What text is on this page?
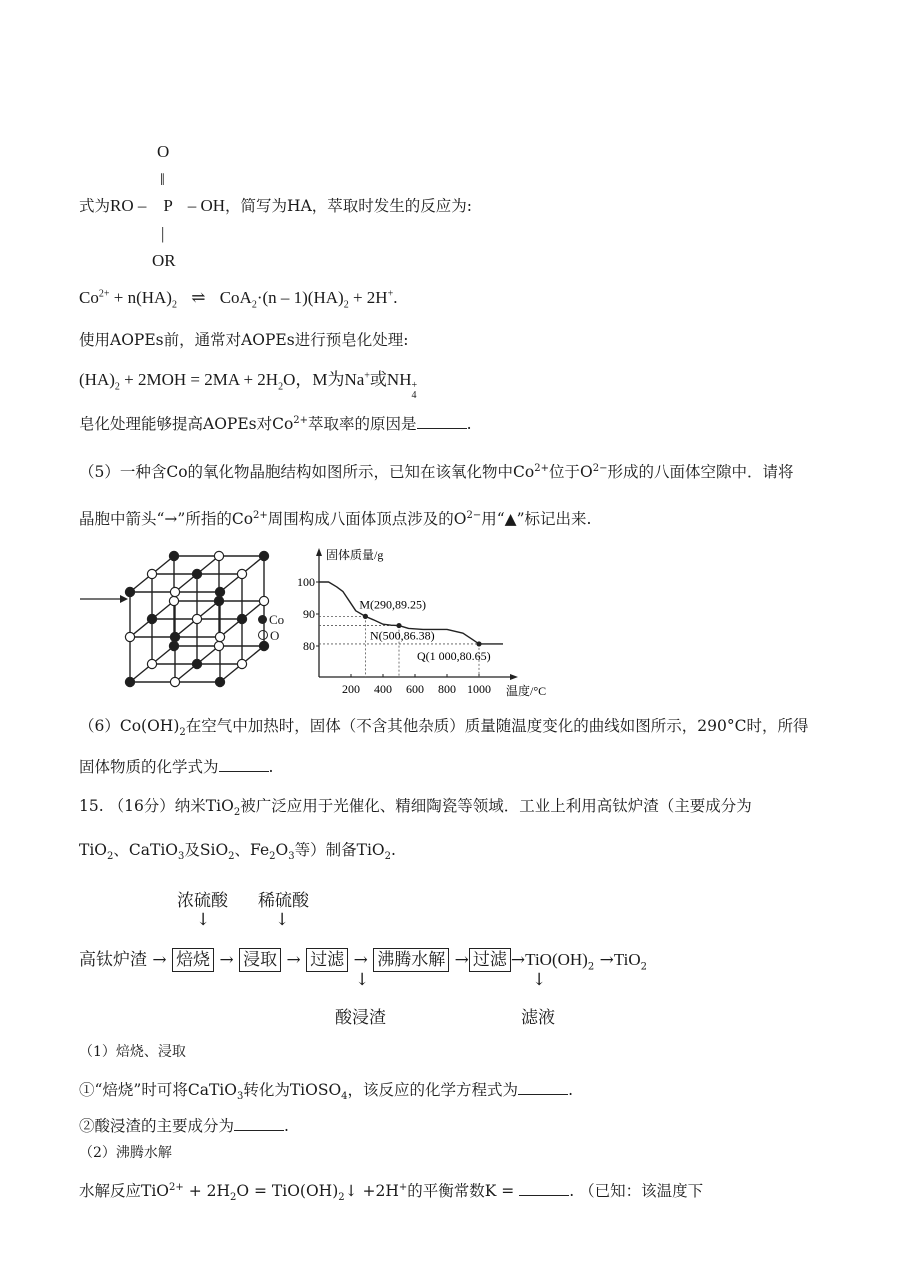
O
‖
式为RO – P – OH，简写为HA，萃取时发生的反应为:
|
OR
$Co^{2+} + n(HA)_2$ ⇌ $CoA_2\cdot(n - 1)(HA)_2 + 2H^+$.
使用AOPEs前，通常对AOPEs进行预皂化处理:
$(HA)_2 + 2MOH = 2MA + 2H_2O$，M为Na+或NH +
4
皂化处理能够提高AOPEs对$Co^{2+}$萃取率的原因是	.
（5）一种含Co的氧化物晶胞结构如图所示，已知在该氧化物中$Co^{2+}$位于$O^{2-}$形成的八面体空隙中．请将
晶胞中箭头“→”所指的$Co^{2+}$周围构成八面体顶点涉及的$O^{2-}$用“▲”标记出来.
Co
O
固体质量/g
温度/°C
80
90
100
200 400 600 800 1000
M(290,89.25)
N(500,86.38)
Q(1 000,80.65)
$(6)Co(OH)_2$在空气中加热时，固体（不含其他杂质）质量随温度变化的曲线如图所示，290°C时，所得
固体物质的化学式为	.
15. （16分）纳米TiO$_2$被广泛应用于光催化、精细陶瓷等领域．工业上利用高钛炉渣（主要成分为
TiO$_2$、CaTiO$_3$及SiO$_2$、$Fe_2O_3$等）制备TiO$_2$.
浓硫酸 稀硫酸
↓	↓
高钛炉渣 → 焙烧 → 浸取 → 过滤 → 沸腾水解 → 过滤 $\to TiO(OH)_2 \to TiO_2$
↓	↓
酸浸渣	滤液
（1）焙烧、浸取
①“焙烧”时可将CaTiO$_3$转化为TiOSO$_4$，该反应的化学方程式为	.
②酸浸渣的主要成分为	.
（2）沸腾水解
水解反应$TiO^{2+} + 2H_2O$ = $TiO(OH)_2↓ +2H^+$的平衡常数K =	. （已知：该温度下
